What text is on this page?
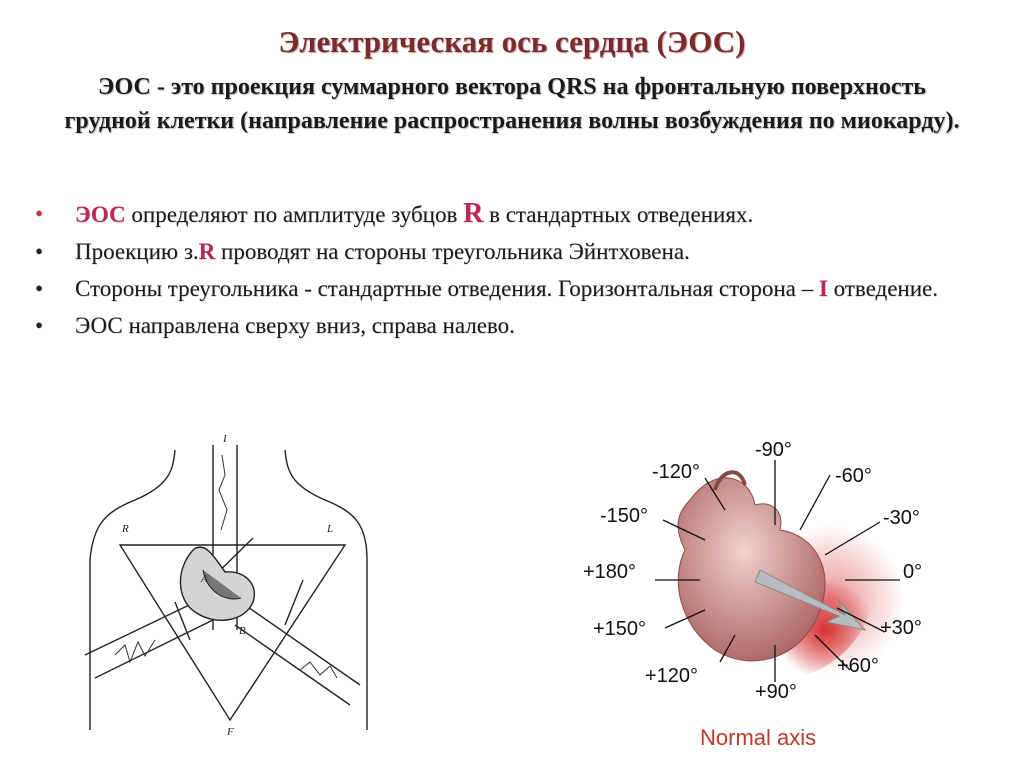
Электрическая ось сердца (ЭОС)
ЭОС - это проекция суммарного вектора QRS на фронтальную поверхность грудной клетки (направление распространения волны возбуждения по миокарду).
• ЭОС определяют по амплитуде зубцов R в стандартных отведениях.
• Проекцию з.R проводят на стороны треугольника Эйнтховена.
• Стороны треугольника - стандартные отведения. Горизонтальная сторона – I отведение.
• ЭОС направлена сверху вниз, справа налево.
I
R	L
F
A
B
-90°
-60°
-30°
0°
+30°
+60°
+90°
+120°
+150°
+180°
-150°
-120°
Normal axis
